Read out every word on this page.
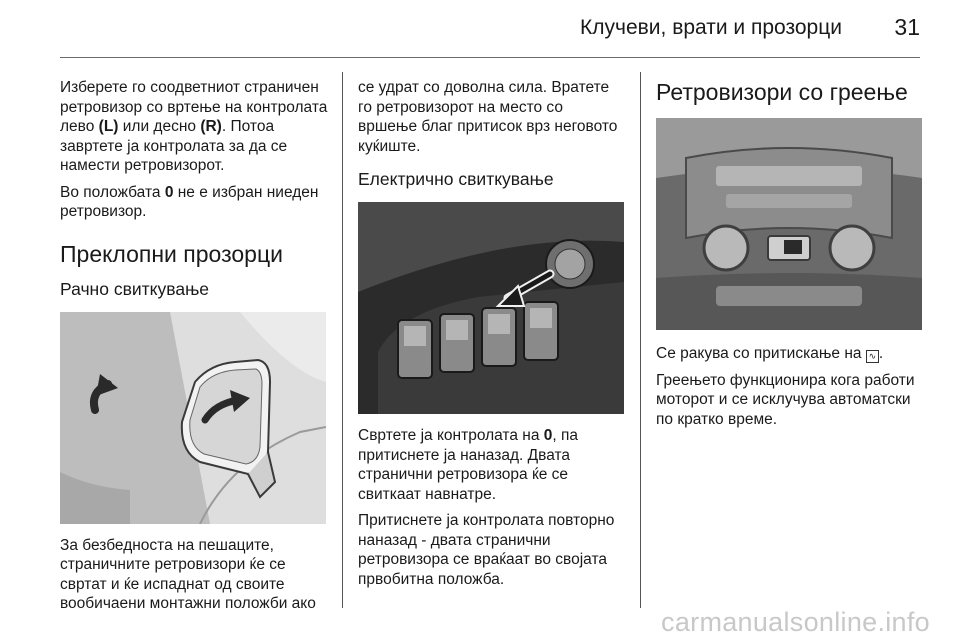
Клучеви, врати и прозорци 31

Изберете го соодветниот страничен ретровизор со вртење на контролата лево (L) или десно (R). Потоа завртете ја контролата за да се намести ретровизорот.

Во положбата 0 не е избран ниеден ретровизор.

Преклопни прозорци
Рачно свиткување

За безбедноста на пешаците, страничните ретровизори ќе се свртат и ќе испаднат од своите вообичаени монтажни положби ако

се удрат со доволна сила. Вратете го ретровизорот на место со вршење благ притисок врз неговото куќиште.

Електрично свиткување

Свртете ја контролата на 0, па притиснете ја наназад. Двата странични ретровизора ќе се свиткаат навнатре.

Притиснете ја контролата повторно наназад - двата странични ретровизора се враќаат во својата првобитна положба.

Ретровизори со греење

Се ракува со притискање на ∿ .

Греењето функционира кога работи моторот и се исклучува автоматски по кратко време.

carmanualsonline.info
